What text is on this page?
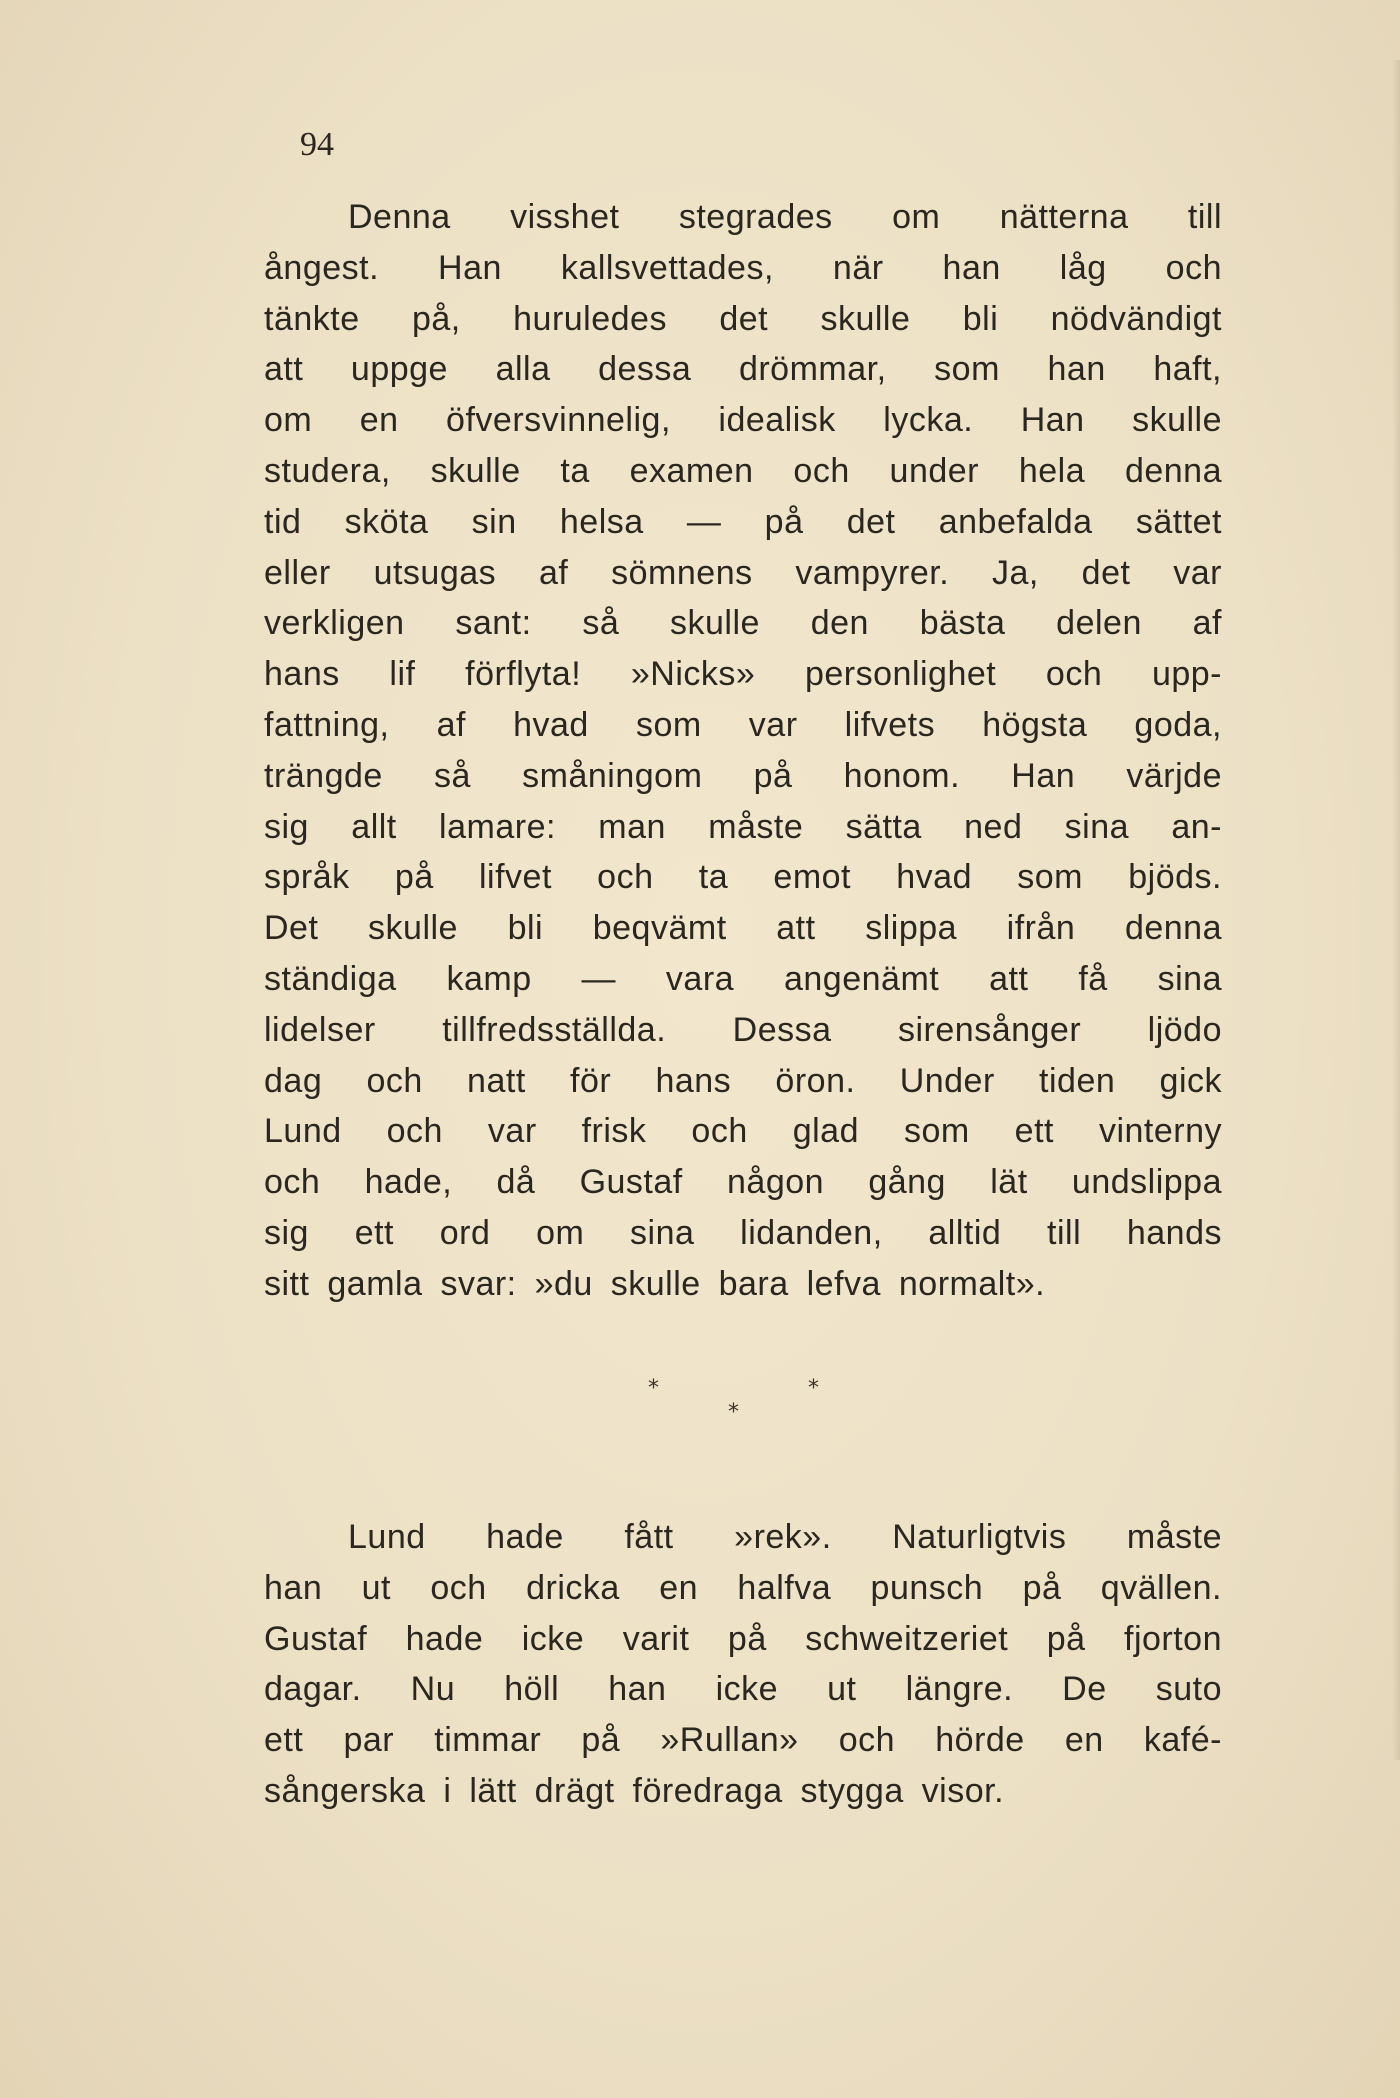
94
Denna visshet stegrades om nätterna till
ångest. Han kallsvettades, när han låg och
tänkte på, huruledes det skulle bli nödvändigt
att uppge alla dessa drömmar, som han haft,
om en öfversvinnelig, idealisk lycka. Han skulle
studera, skulle ta examen och under hela denna
tid sköta sin helsa — på det anbefalda sättet
eller utsugas af sömnens vampyrer. Ja, det var
verkligen sant: så skulle den bästa delen af
hans lif förflyta! »Nicks» personlighet och upp-
fattning, af hvad som var lifvets högsta goda,
trängde så småningom på honom. Han värjde
sig allt lamare: man måste sätta ned sina an-
språk på lifvet och ta emot hvad som bjöds.
Det skulle bli beqvämt att slippa ifrån denna
ständiga kamp — vara angenämt att få sina
lidelser tillfredsställda. Dessa sirensånger ljödo
dag och natt för hans öron. Under tiden gick
Lund och var frisk och glad som ett vinterny
och hade, då Gustaf någon gång lät undslippa
sig ett ord om sina lidanden, alltid till hands
sitt gamla svar: »du skulle bara lefva normalt».
*	*
*
Lund hade fått »rek». Naturligtvis måste
han ut och dricka en halfva punsch på qvällen.
Gustaf hade icke varit på schweitzeriet på fjorton
dagar. Nu höll han icke ut längre. De suto
ett par timmar på »Rullan» och hörde en kafé-
sångerska i lätt drägt föredraga stygga visor.
